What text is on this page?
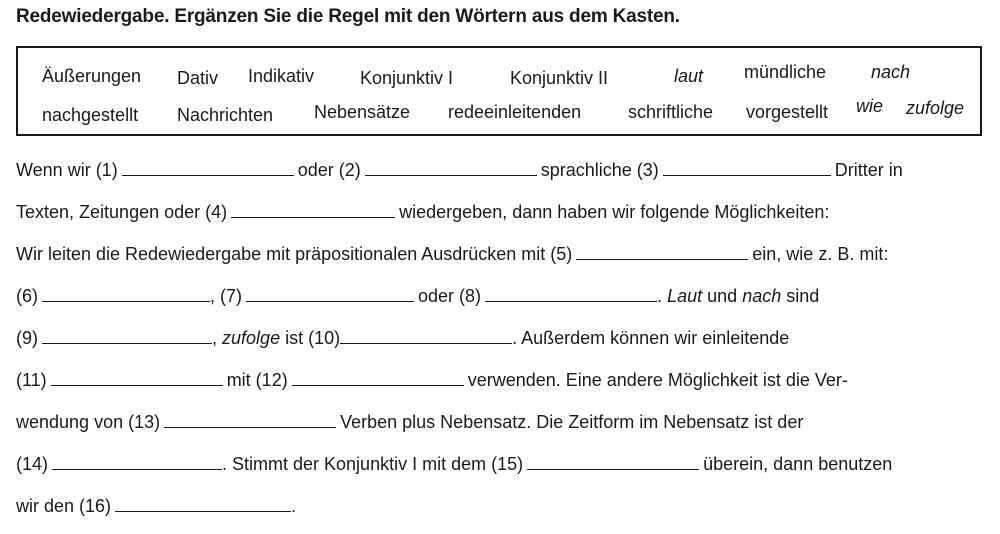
Redewiedergabe. Ergänzen Sie die Regel mit den Wörtern aus dem Kasten.
Äußerungen Dativ Indikativ	Konjunktiv I	Konjunktiv II	laut mündliche nach
nachgestellt Nachrichten Nebensätze redeeinleitenden	schriftliche vorgestellt wie zufolge
Wenn wir (1)	oder (2)	sprachliche (3)	Dritter in
Texten, Zeitungen oder (4)	wiedergeben, dann haben wir folgende Möglichkeiten:
Wir leiten die Redewiedergabe mit präpositionalen Ausdrücken mit (5)	ein, wie z. B. mit:
(6)	, (7)	oder (8)	.
Laut
und
nach
sind
(9)	,
zufolge
ist (10)	. Außerdem können wir einleitende
(11)	mit (12)	verwenden. Eine andere Möglichkeit ist die Ver-
wendung von (13)	Verben plus Nebensatz. Die Zeitform im Nebensatz ist der
(14)	. Stimmt der Konjunktiv I mit dem (15)	überein, dann benutzen
wir den (16)	.
